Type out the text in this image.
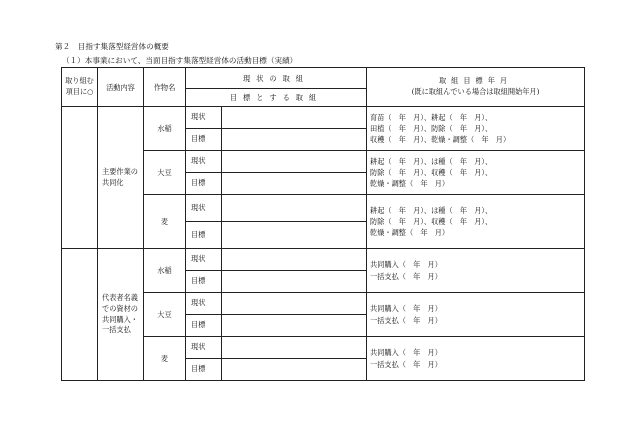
第２　目指す集落型経営体の概要
（１）本事業において、当面目指す集落型経営体の活動目標（実績）
取り組む
項目に○	活動内容	作物名	現状の取組		取組目標年月
(既に取組んでいる場合は取組開始年月)

			目標とする取組		

	主要作業の
共同化	水稲	現状		育苗（　年　月）、耕起（　年　月）、
田植（　年　月）、防除（　年　月）、
収穫（　年　月）、乾燥・調整（　年　月）

			目標		

		大豆	現状		耕起（　年　月）、は種（　年　月）、
防除（　年　月）、収穫（　年　月）、
乾燥・調整（　年　月）

			目標		

		麦	現状		耕起（　年　月）、は種（　年　月）、
防除（　年　月）、収穫（　年　月）、
乾燥・調整（　年　月）

			目標		

	代表者名義
での資材の
共同購入・
一括支払	水稲	現状		共同購入（　年　月）
一括支払（　年　月）

			目標		

		大豆	現状		共同購入（　年　月）
一括支払（　年　月）

			目標		

		麦	現状		共同購入（　年　月）
一括支払（　年　月）

			目標		
